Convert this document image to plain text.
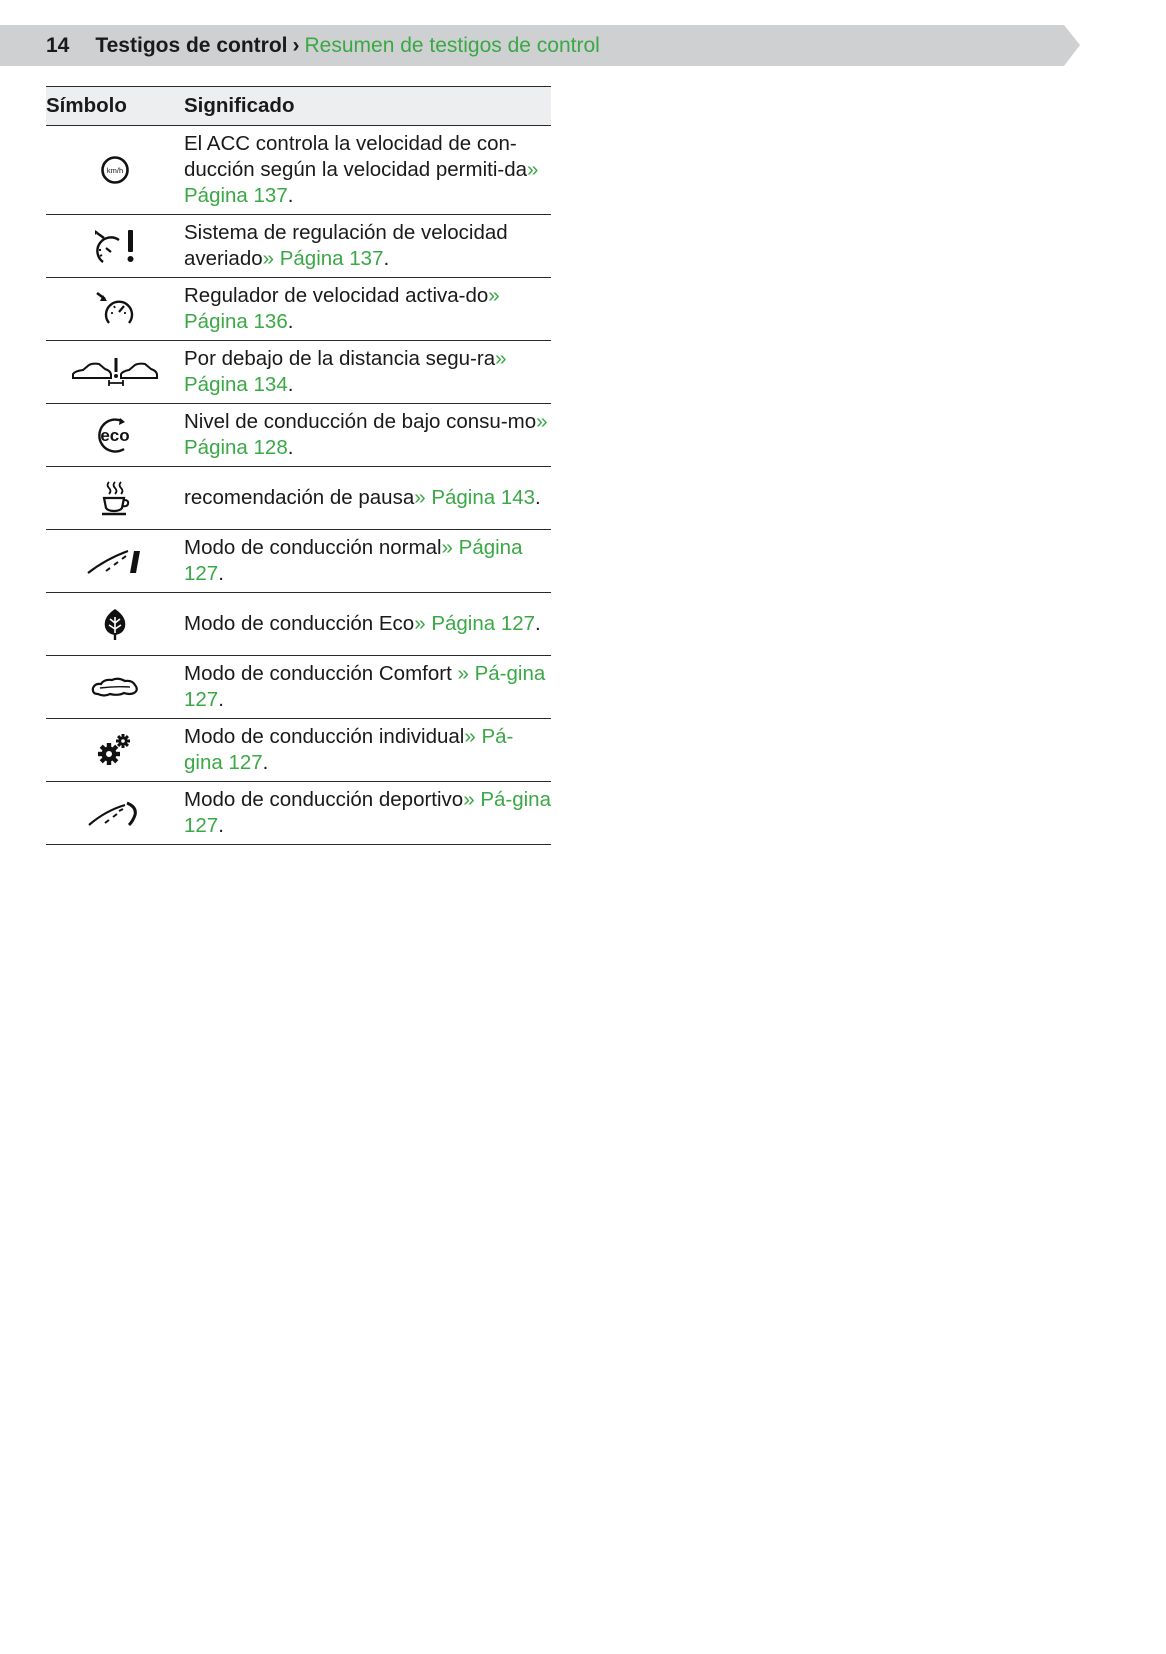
14 Testigos de control › Resumen de testigos de control
Símbolo	Significado

km/h	El ACC controla la velocidad de con-ducción según la velocidad permiti-da» Página 137.

	Sistema de regulación de velocidad averiado» Página 137.

	Regulador de velocidad activa-do» Página 136.

	Por debajo de la distancia segu-ra» Página 134.

eco	Nivel de conducción de bajo consu-mo» Página 128.

	recomendación de pausa» Página 143.

	Modo de conducción normal» Página 127.

	Modo de conducción Eco» Página 127.

	Modo de conducción Comfort » Pá-gina 127.

	Modo de conducción individual» Pá-gina 127.

	Modo de conducción deportivo» Pá-gina 127.
